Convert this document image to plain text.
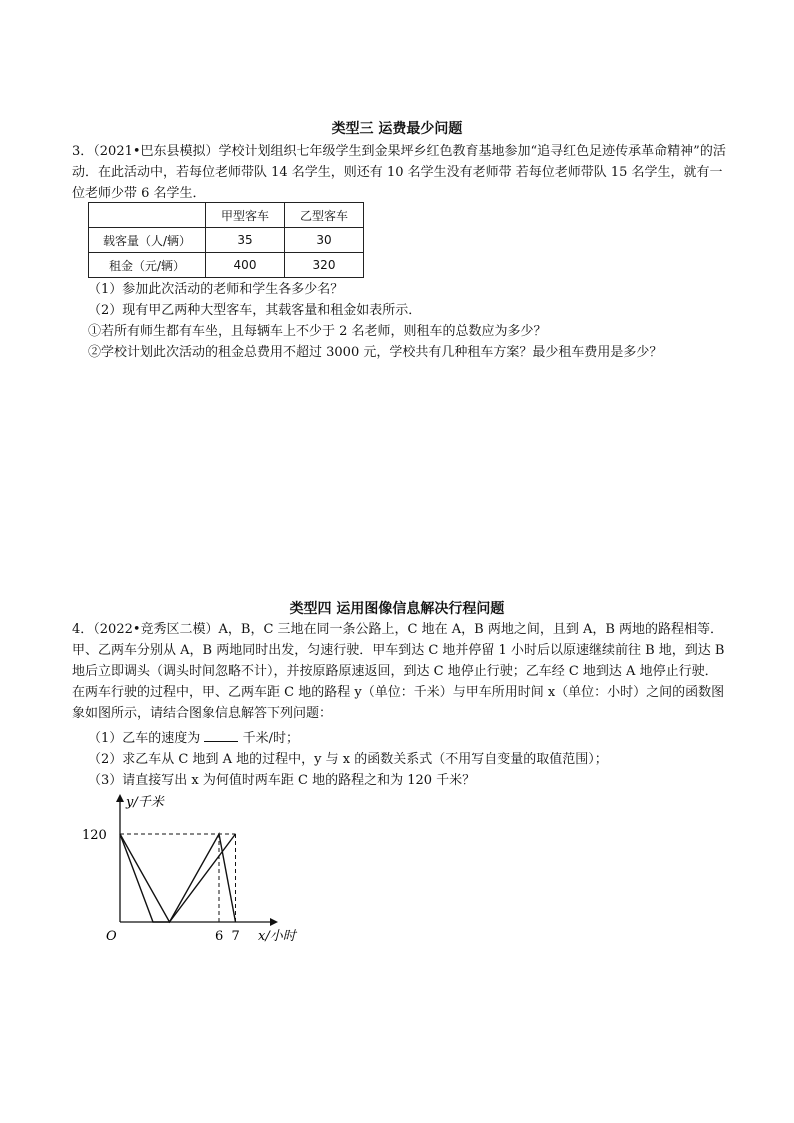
类型三 运费最少问题
3．（2021•巴东县模拟）学校计划组织七年级学生到金果坪乡红色教育基地参加“追寻红色足迹传承革命精神”的活动．在此活动中，若每位老师带队 14 名学生，则还有 10 名学生没有老师带 若每位老师带队 15 名学生，就有一位老师少带 6 名学生．
	甲型客车	乙型客车
载客量（人/辆）	35	30
租金（元/辆）	400	320
（1）参加此次活动的老师和学生各多少名？
（2）现有甲乙两种大型客车，其载客量和租金如表所示．
①若所有师生都有车坐，且每辆车上不少于 2 名老师，则租车的总数应为多少？
②学校计划此次活动的租金总费用不超过 3000 元，学校共有几种租车方案？最少租车费用是多少？
类型四 运用图像信息解决行程问题
4．（2022•竞秀区二模）A，B，C 三地在同一条公路上，C 地在 A，B 两地之间，且到 A，B 两地的路程相等．甲、乙两车分别从 A，B 两地同时出发，匀速行驶．甲车到达 C 地并停留 1 小时后以原速继续前往 B 地，到达 B 地后立即调头（调头时间忽略不计），并按原路原速返回，到达 C 地停止行驶；乙车经 C 地到达 A 地停止行驶．在两车行驶的过程中，甲、乙两车距 C 地的路程 y（单位：千米）与甲车所用时间 x（单位：小时）之间的函数图象如图所示，请结合图象信息解答下列问题：
（1）乙车的速度为	千米/时；
（2）求乙车从 C 地到 A 地的过程中，y 与 x 的函数关系式（不用写自变量的取值范围）；
（3）请直接写出 x 为何值时两车距 C 地的路程之和为 120 千米？
y/千米
120
O	6 7 x/小时
